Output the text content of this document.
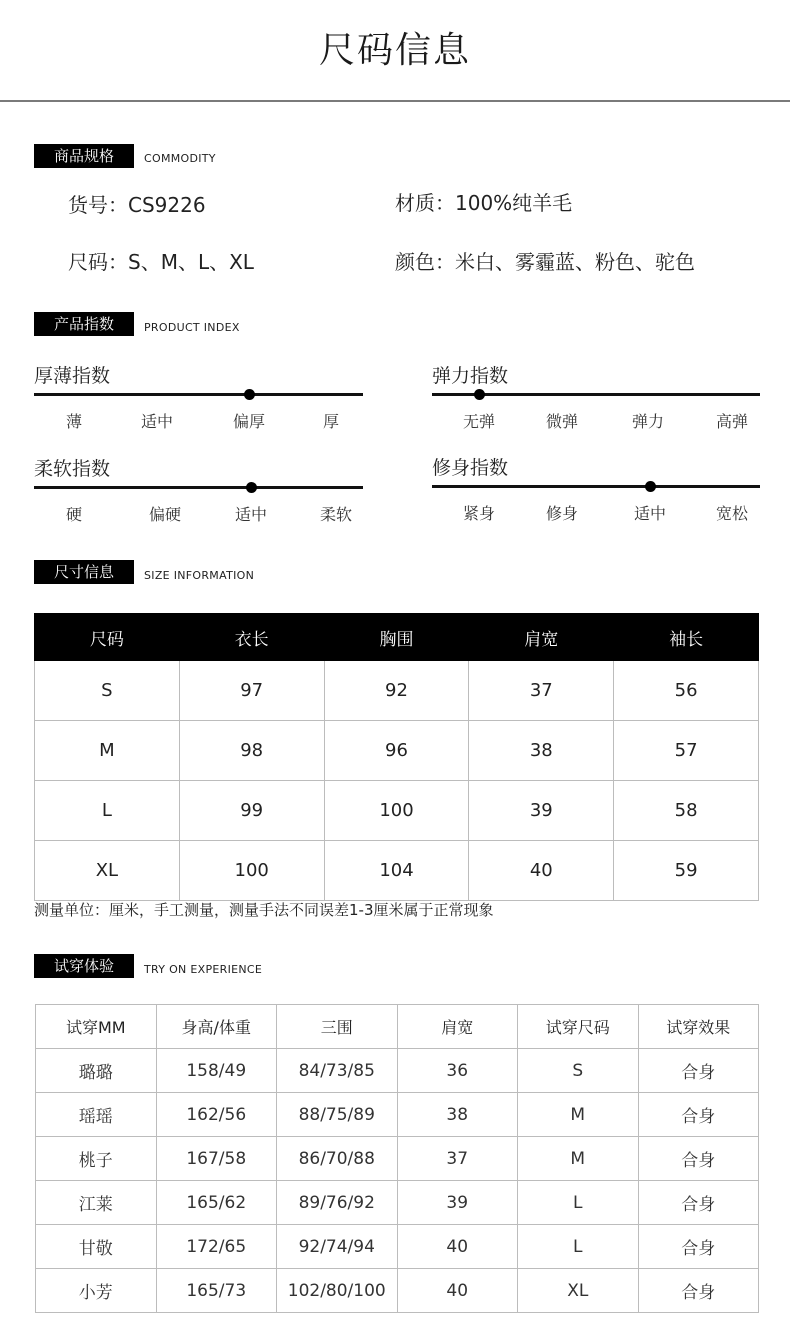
尺码信息
商品规格	COMMODITY
货号：CS9226	材质：100%纯羊毛
尺码：S、M、L、XL	颜色：米白、雾霾蓝、粉色、驼色
产品指数	PRODUCT INDEX
厚薄指数
薄	适中	偏厚	厚
弹力指数
无弹	微弹	弹力	高弹
柔软指数
硬	偏硬	适中	柔软
修身指数
紧身	修身	适中	宽松
尺寸信息	SIZE INFORMATION
尺码	衣长	胸围	肩宽	袖长
S	97	92	37	56
M	98	96	38	57
L	99	100	39	58
XL	100	104	40	59
测量单位：厘米，手工测量，测量手法不同误差1-3厘米属于正常现象
试穿体验	TRY ON EXPERIENCE
试穿MM	身高/体重	三围	肩宽	试穿尺码	试穿效果
璐璐	158/49	84/73/85	36	S	合身
瑶瑶	162/56	88/75/89	38	M	合身
桃子	167/58	86/70/88	37	M	合身
江莱	165/62	89/76/92	39	L	合身
甘敬	172/65	92/74/94	40	L	合身
小芳	165/73	102/80/100	40	XL	合身
